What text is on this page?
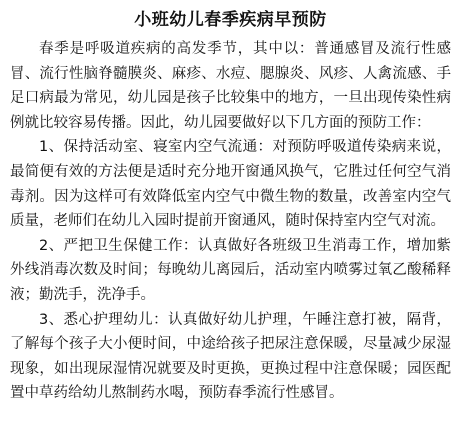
小班幼儿春季疾病早预防

春季是呼吸道疾病的高发季节，其中以：普通感冒及流行性感冒、流行性脑脊髓膜炎、麻疹、水痘、腮腺炎、风疹、人禽流感、手足口病最为常见，幼儿园是孩子比较集中的地方，一旦出现传染性病例就比较容易传播。因此，幼儿园要做好以下几方面的预防工作：

1、保持活动室、寝室内空气流通：对预防呼吸道传染病来说，最简便有效的方法便是适时充分地开窗通风换气，它胜过任何空气消毒剂。因为这样可有效降低室内空气中微生物的数量，改善室内空气质量，老师们在幼儿入园时提前开窗通风，随时保持室内空气对流。

2、严把卫生保健工作：认真做好各班级卫生消毒工作，增加紫外线消毒次数及时间；每晚幼儿离园后，活动室内喷雾过氧乙酸稀释液；勤洗手，洗净手。

3、悉心护理幼儿：认真做好幼儿护理，午睡注意打被，隔背，了解每个孩子大小便时间，中途给孩子把尿注意保暖，尽量减少尿湿现象，如出现尿湿情况就要及时更换，更换过程中注意保暖；园医配置中草药给幼儿熬制药水喝，预防春季流行性感冒。
